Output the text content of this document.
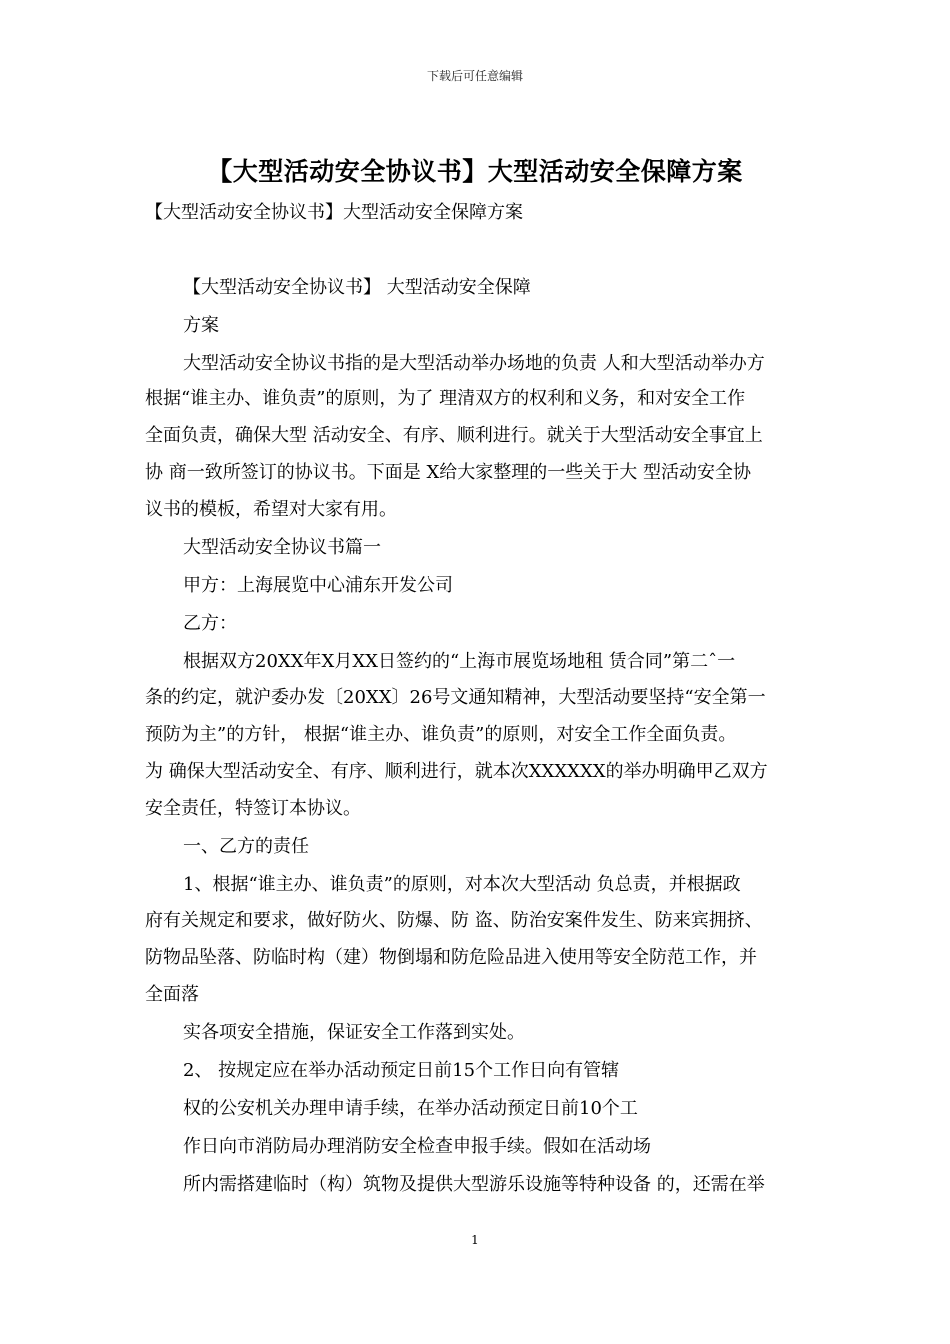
下载后可任意编辑
【大型活动安全协议书】大型活动安全保障方案
【大型活动安全协议书】大型活动安全保障方案
【大型活动安全协议书】 大型活动安全保障
方案
大型活动安全协议书指的是大型活动举办场地的负责 人和大型活动举办方
根据“谁主办、谁负责”的原则，为了 理清双方的权利和义务，和对安全工作
全面负责，确保大型 活动安全、有序、顺利进行。就关于大型活动安全事宜上
协 商一致所签订的协议书。下面是 X给大家整理的一些关于大 型活动安全协
议书的模板，希望对大家有用。
大型活动安全协议书篇一
甲方：上海展览中心浦东开发公司
乙方：
根据双方20XX年X月XX日签约的“上海市展览场地租 赁合同”第二ˆ一
条的约定，就沪委办发〔20XX〕26号文通知精神，大型活动要坚持“安全第一
预防为主”的方针， 根据“谁主办、谁负责”的原则，对安全工作全面负责。
为 确保大型活动安全、有序、顺利进行，就本次XXXXXX的举办明确甲乙双方
安全责任，特签订本协议。
一、乙方的责任
1、根据“谁主办、谁负责”的原则，对本次大型活动 负总责，并根据政
府有关规定和要求，做好防火、防爆、防 盗、防治安案件发生、防来宾拥挤、
防物品坠落、防临时构（建）物倒塌和防危险品进入使用等安全防范工作，并
全面落
实各项安全措施，保证安全工作落到实处。
2、 按规定应在举办活动预定日前15个工作日向有管辖
权的公安机关办理申请手续，在举办活动预定日前10个工
作日向市消防局办理消防安全检查申报手续。假如在活动场
所内需搭建临时（构）筑物及提供大型游乐设施等特种设备 的，还需在举
1
